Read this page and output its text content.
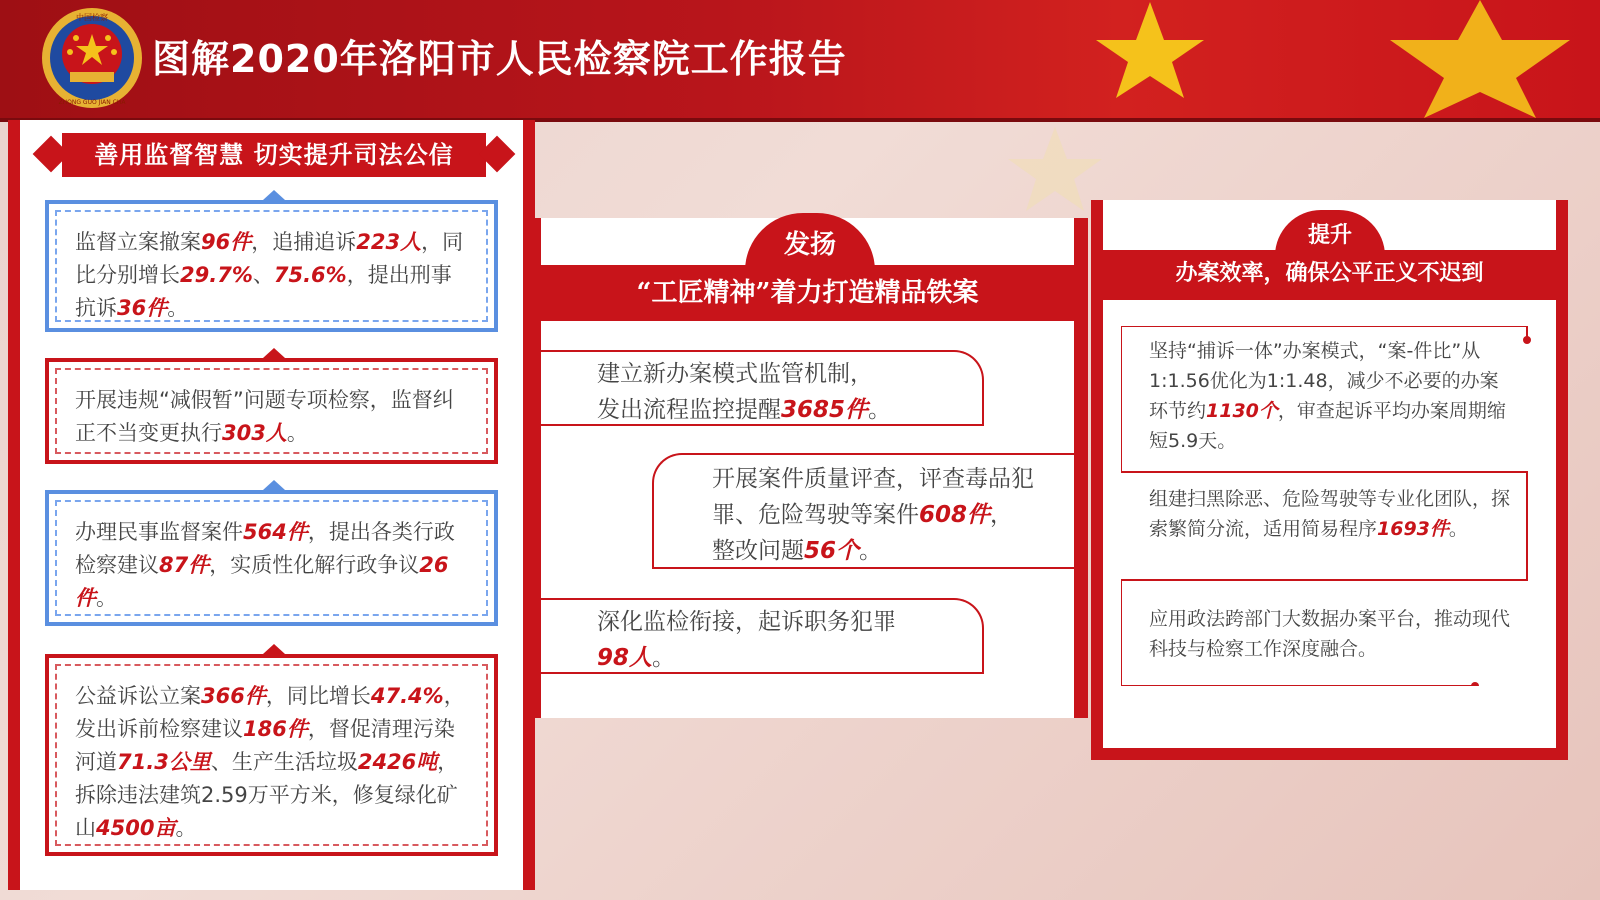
中国检察
ZHONG GUO JIAN CHA
图解2020年洛阳市人民检察院工作报告
善用监督智慧 切实提升司法公信
监督立案撤案96件，追捕追诉223人，同比分别增长29.7%、75.6%，提出刑事抗诉36件。
开展违规“减假暂”问题专项检察，监督纠正不当变更执行303人。
办理民事监督案件564件，提出各类行政检察建议87件，实质性化解行政争议26件。
公益诉讼立案366件，同比增长47.4%，发出诉前检察建议186件，督促清理污染河道71.3公里、生产生活垃圾2426吨，拆除违法建筑2.59万平方米，修复绿化矿山4500亩。
发扬
“工匠精神”着力打造精品铁案
建立新办案模式监管机制，
发出流程监控提醒3685件。
开展案件质量评查，评查毒品犯罪、危险驾驶等案件608件，整改问题56个。
深化监检衔接，起诉职务犯罪
98人。
提升
办案效率，确保公平正义不迟到
坚持“捕诉一体”办案模式，“案-件比”从1:1.56优化为1:1.48，减少不必要的办案环节约1130个，审查起诉平均办案周期缩短5.9天。
组建扫黑除恶、危险驾驶等专业化团队，探索繁简分流，适用简易程序1693件。
应用政法跨部门大数据办案平台，推动现代科技与检察工作深度融合。
